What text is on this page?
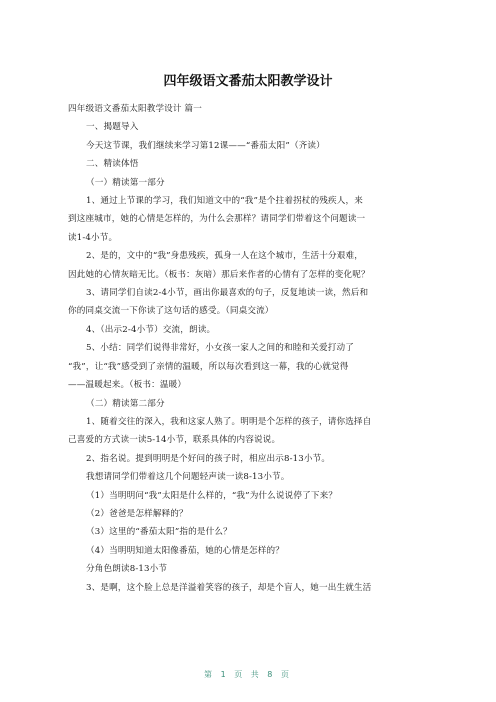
四年级语文番茄太阳教学设计

四年级语文番茄太阳教学设计 篇一

一、揭题导入

今天这节课，我们继续来学习第12课——“番茄太阳”（齐读）

二、精读体悟

（一）精读第一部分

1、通过上节课的学习，我们知道文中的“我”是个拄着拐杖的残疾人，来

到这座城市，她的心情是怎样的，为什么会那样？请同学们带着这个问题读一

读1-4小节。

2、是的，文中的“我”身患残疾，孤身一人在这个城市，生活十分艰难，

因此她的心情灰暗无比。（板书：灰暗）那后来作者的心情有了怎样的变化呢？

3、请同学们自读2-4小节，画出你最喜欢的句子，反复地读一读，然后和

你的同桌交流一下你读了这句话的感受。（同桌交流）

4、（出示2-4小节）交流，朗读。

5、小结：同学们说得非常好，小女孩一家人之间的和睦和关爱打动了

“我”，让“我”感受到了亲情的温暖，所以每次看到这一幕，我的心就觉得

——温暖起来。（板书：温暖）

（二）精读第二部分

1、随着交往的深入，我和这家人熟了。明明是个怎样的孩子，请你选择自

己喜爱的方式读一读5-14小节，联系具体的内容说说。

2、指名说。提到明明是个好问的孩子时，相应出示8-13小节。

我想请同学们带着这几个问题轻声读一读8-13小节。

（1）当明明问“我”太阳是什么样的，“我”为什么说说停了下来？

（2）爸爸是怎样解释的？

（3）这里的“番茄太阳”指的是什么？

（4）当明明知道太阳像番茄，她的心情是怎样的？

分角色朗读8-13小节

3、是啊，这个脸上总是洋溢着笑容的孩子，却是个盲人，她一出生就生活

第 1 页 共 8 页
